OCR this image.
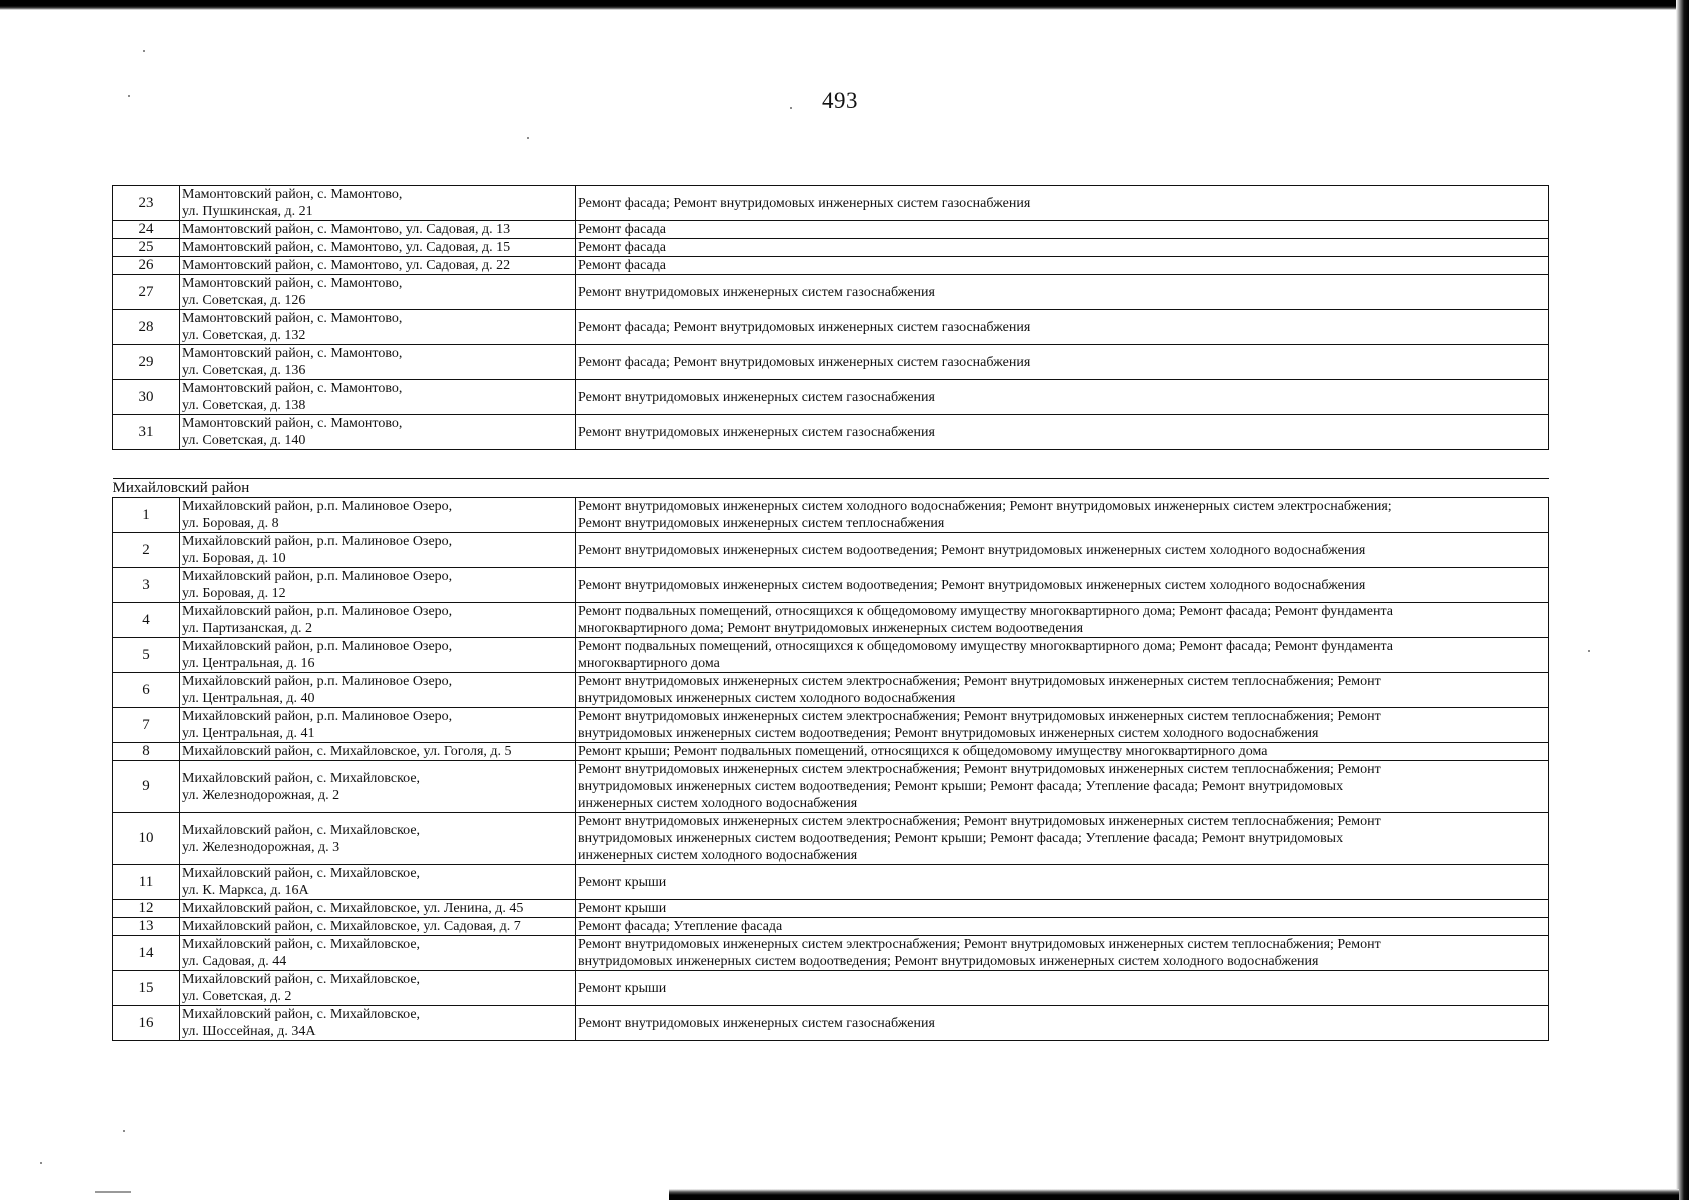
493
23	Мамонтовский район, с. Мамонтово,
ул. Пушкинская, д. 21	Ремонт фасада; Ремонт внутридомовых инженерных систем газоснабжения

24	Мамонтовский район, с. Мамонтово, ул. Садовая, д. 13	Ремонт фасада

25	Мамонтовский район, с. Мамонтово, ул. Садовая, д. 15	Ремонт фасада

26	Мамонтовский район, с. Мамонтово, ул. Садовая, д. 22	Ремонт фасада

27	Мамонтовский район, с. Мамонтово,
ул. Советская, д. 126	Ремонт внутридомовых инженерных систем газоснабжения

28	Мамонтовский район, с. Мамонтово,
ул. Советская, д. 132	Ремонт фасада; Ремонт внутридомовых инженерных систем газоснабжения

29	Мамонтовский район, с. Мамонтово,
ул. Советская, д. 136	Ремонт фасада; Ремонт внутридомовых инженерных систем газоснабжения

30	Мамонтовский район, с. Мамонтово,
ул. Советская, д. 138	Ремонт внутридомовых инженерных систем газоснабжения

31	Мамонтовский район, с. Мамонтово,
ул. Советская, д. 140	Ремонт внутридомовых инженерных систем газоснабжения

Михайловский район		
1	Михайловский район, р.п. Малиновое Озеро,
ул. Боровая, д. 8	Ремонт внутридомовых инженерных систем холодного водоснабжения; Ремонт внутридомовых инженерных систем электроснабжения;
Ремонт внутридомовых инженерных систем теплоснабжения

2	Михайловский район, р.п. Малиновое Озеро,
ул. Боровая, д. 10	Ремонт внутридомовых инженерных систем водоотведения; Ремонт внутридомовых инженерных систем холодного водоснабжения

3	Михайловский район, р.п. Малиновое Озеро,
ул. Боровая, д. 12	Ремонт внутридомовых инженерных систем водоотведения; Ремонт внутридомовых инженерных систем холодного водоснабжения

4	Михайловский район, р.п. Малиновое Озеро,
ул. Партизанская, д. 2	Ремонт подвальных помещений, относящихся к общедомовому имуществу многоквартирного дома; Ремонт фасада; Ремонт фундамента
многоквартирного дома; Ремонт внутридомовых инженерных систем водоотведения

5	Михайловский район, р.п. Малиновое Озеро,
ул. Центральная, д. 16	Ремонт подвальных помещений, относящихся к общедомовому имуществу многоквартирного дома; Ремонт фасада; Ремонт фундамента
многоквартирного дома

6	Михайловский район, р.п. Малиновое Озеро,
ул. Центральная, д. 40	Ремонт внутридомовых инженерных систем электроснабжения; Ремонт внутридомовых инженерных систем теплоснабжения; Ремонт
внутридомовых инженерных систем холодного водоснабжения

7	Михайловский район, р.п. Малиновое Озеро,
ул. Центральная, д. 41	Ремонт внутридомовых инженерных систем электроснабжения; Ремонт внутридомовых инженерных систем теплоснабжения; Ремонт
внутридомовых инженерных систем водоотведения; Ремонт внутридомовых инженерных систем холодного водоснабжения

8	Михайловский район, с. Михайловское, ул. Гоголя, д. 5	Ремонт крыши; Ремонт подвальных помещений, относящихся к общедомовому имуществу многоквартирного дома

9	Михайловский район, с. Михайловское,
ул. Железнодорожная, д. 2	Ремонт внутридомовых инженерных систем электроснабжения; Ремонт внутридомовых инженерных систем теплоснабжения; Ремонт
внутридомовых инженерных систем водоотведения; Ремонт крыши; Ремонт фасада; Утепление фасада; Ремонт внутридомовых
инженерных систем холодного водоснабжения

10	Михайловский район, с. Михайловское,
ул. Железнодорожная, д. 3	Ремонт внутридомовых инженерных систем электроснабжения; Ремонт внутридомовых инженерных систем теплоснабжения; Ремонт
внутридомовых инженерных систем водоотведения; Ремонт крыши; Ремонт фасада; Утепление фасада; Ремонт внутридомовых
инженерных систем холодного водоснабжения

11	Михайловский район, с. Михайловское,
ул. К. Маркса, д. 16А	Ремонт крыши

12	Михайловский район, с. Михайловское, ул. Ленина, д. 45	Ремонт крыши

13	Михайловский район, с. Михайловское, ул. Садовая, д. 7	Ремонт фасада; Утепление фасада

14	Михайловский район, с. Михайловское,
ул. Садовая, д. 44	Ремонт внутридомовых инженерных систем электроснабжения; Ремонт внутридомовых инженерных систем теплоснабжения; Ремонт
внутридомовых инженерных систем водоотведения; Ремонт внутридомовых инженерных систем холодного водоснабжения

15	Михайловский район, с. Михайловское,
ул. Советская, д. 2	Ремонт крыши

16	Михайловский район, с. Михайловское,
ул. Шоссейная, д. 34А	Ремонт внутридомовых инженерных систем газоснабжения
